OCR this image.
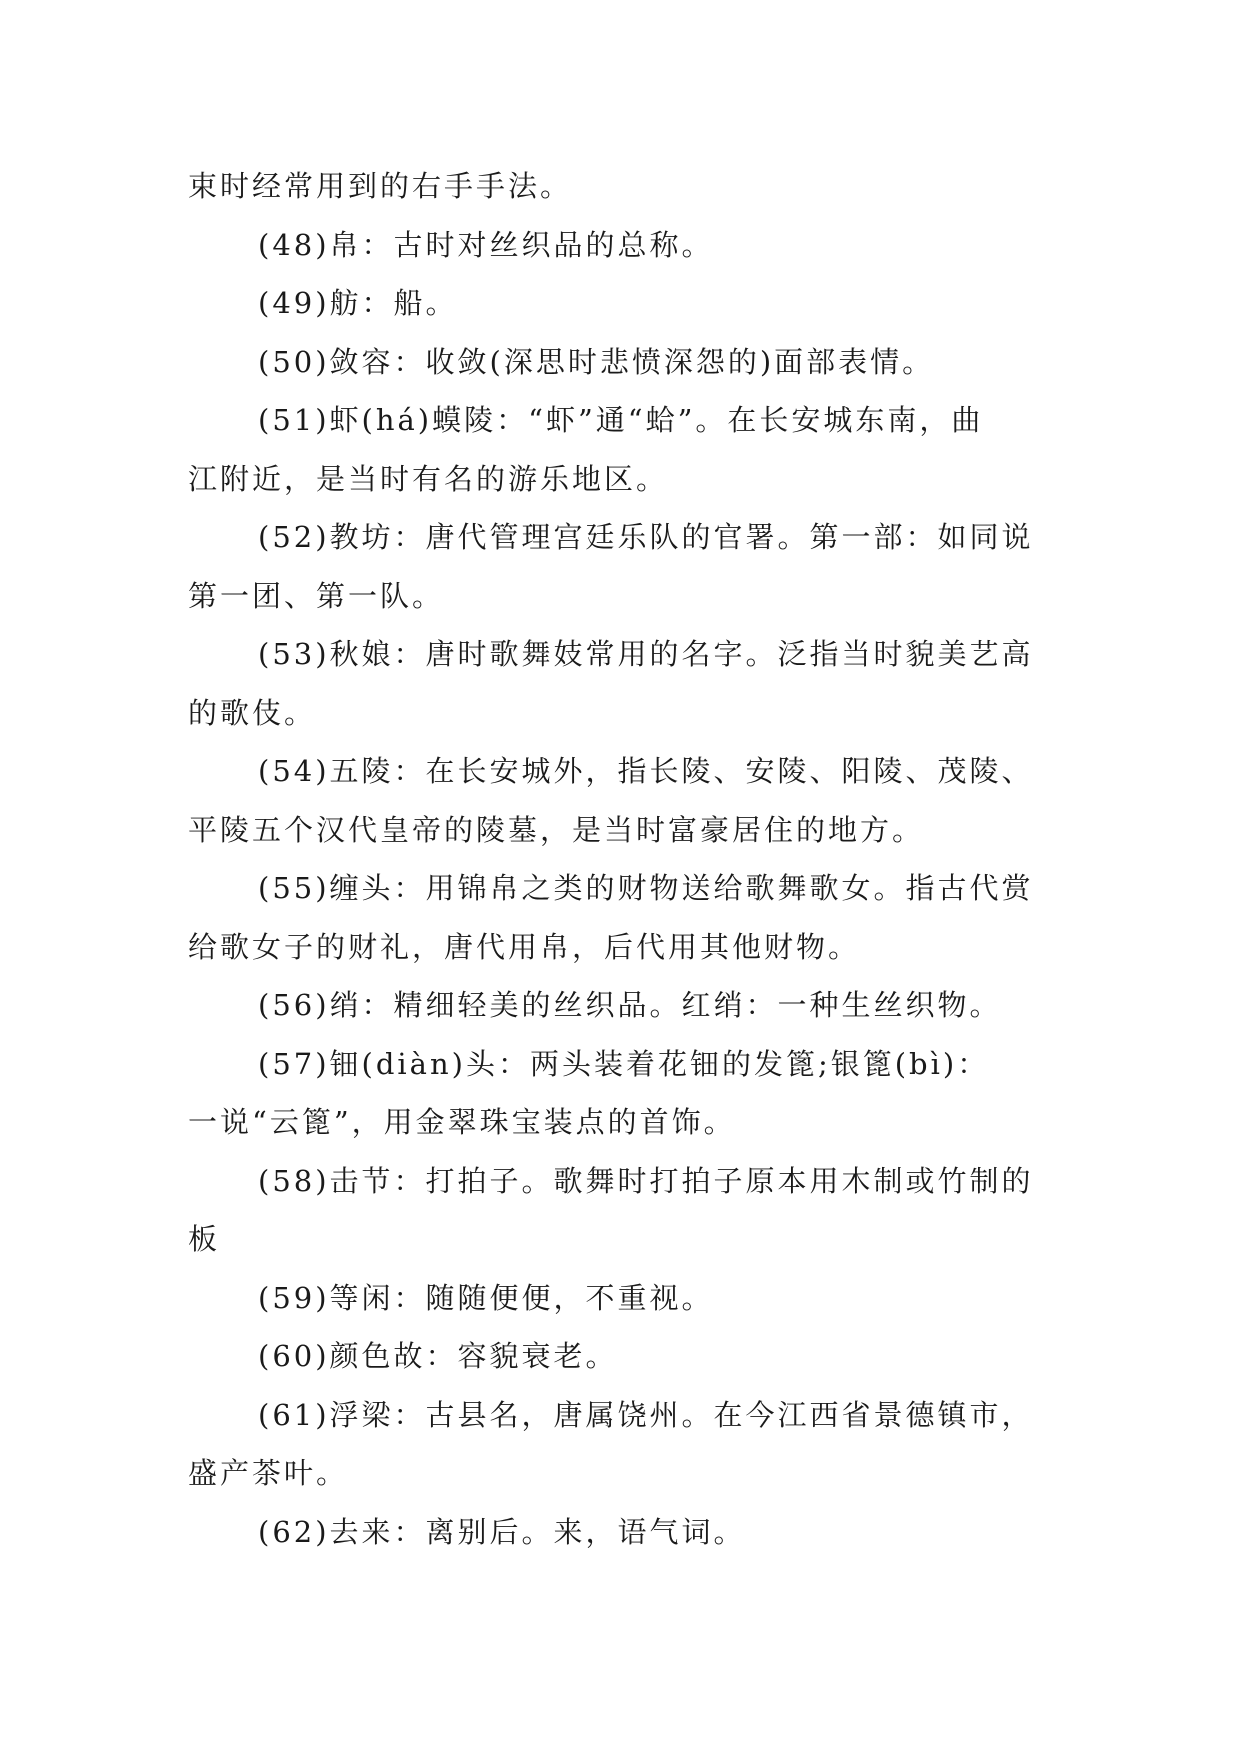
束时经常用到的右手手法。
(48)帛：古时对丝织品的总称。
(49)舫：船。
(50)敛容：收敛(深思时悲愤深怨的)面部表情。
(51)虾(há)蟆陵：“虾”通“蛤”。在长安城东南，曲
江附近，是当时有名的游乐地区。
(52)教坊：唐代管理宫廷乐队的官署。第一部：如同说
第一团、第一队。
(53)秋娘：唐时歌舞妓常用的名字。泛指当时貌美艺高
的歌伎。
(54)五陵：在长安城外，指长陵、安陵、阳陵、茂陵、
平陵五个汉代皇帝的陵墓，是当时富豪居住的地方。
(55)缠头：用锦帛之类的财物送给歌舞歌女。指古代赏
给歌女子的财礼，唐代用帛，后代用其他财物。
(56)绡：精细轻美的丝织品。红绡：一种生丝织物。
(57)钿(diàn)头：两头装着花钿的发篦;银篦(bì)：
一说“云篦”，用金翠珠宝装点的首饰。
(58)击节：打拍子。歌舞时打拍子原本用木制或竹制的
板
(59)等闲：随随便便，不重视。
(60)颜色故：容貌衰老。
(61)浮梁：古县名，唐属饶州。在今江西省景德镇市，
盛产茶叶。
(62)去来：离别后。来，语气词。
